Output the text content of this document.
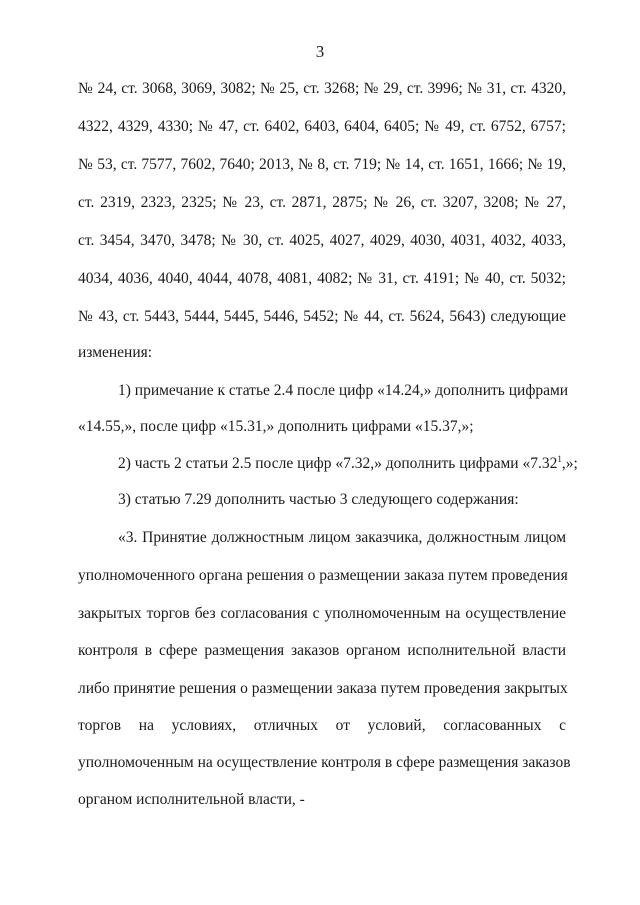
3
№ 24, ст. 3068, 3069, 3082; № 25, ст. 3268; № 29, ст. 3996; № 31, ст. 4320,
4322, 4329, 4330; № 47, ст. 6402, 6403, 6404, 6405; № 49, ст. 6752, 6757;
№ 53, ст. 7577, 7602, 7640; 2013, № 8, ст. 719; № 14, ст. 1651, 1666; № 19,
ст. 2319, 2323, 2325; № 23, ст. 2871, 2875; № 26, ст. 3207, 3208; № 27,
ст. 3454, 3470, 3478; № 30, ст. 4025, 4027, 4029, 4030, 4031, 4032, 4033,
4034, 4036, 4040, 4044, 4078, 4081, 4082; № 31, ст. 4191; № 40, ст. 5032;
№ 43, ст. 5443, 5444, 5445, 5446, 5452; № 44, ст. 5624, 5643) следующие
изменения:
1) примечание к статье 2.4 после цифр «14.24,» дополнить цифрами
«14.55,», после цифр «15.31,» дополнить цифрами «15.37,»;
2) часть 2 статьи 2.5 после цифр «7.32,» дополнить цифрами «7.32$^1$,»;
3) статью 7.29 дополнить частью 3 следующего содержания:
«3. Принятие должностным лицом заказчика, должностным лицом
уполномоченного органа решения о размещении заказа путем проведения
закрытых торгов без согласования с уполномоченным на осуществление
контроля в сфере размещения заказов органом исполнительной власти
либо принятие решения о размещении заказа путем проведения закрытых
торгов на условиях, отличных от условий, согласованных с
уполномоченным на осуществление контроля в сфере размещения заказов
органом исполнительной власти, -
